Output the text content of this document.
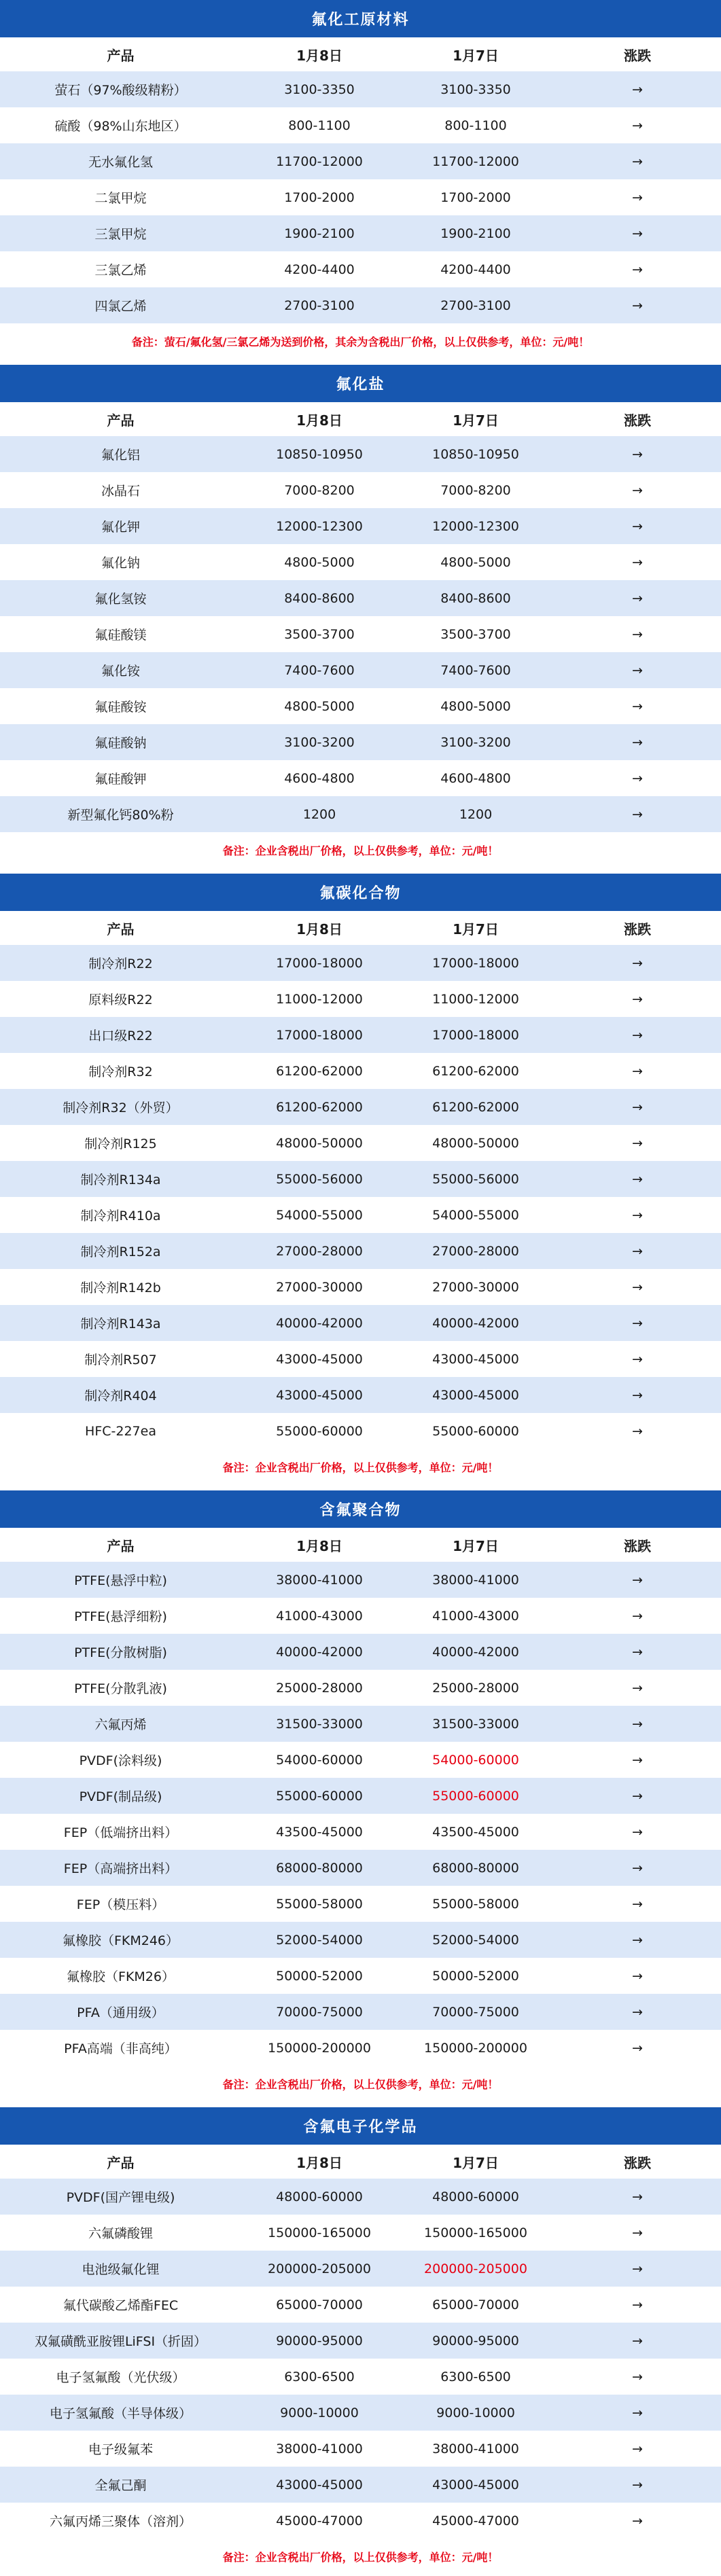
氟化工原材料
产品	1月8日	1月7日	涨跌
萤石（97%酸级精粉）	3100-3350	3100-3350	→
硫酸（98%山东地区）	800-1100	800-1100	→
无水氟化氢	11700-12000	11700-12000	→
二氯甲烷	1700-2000	1700-2000	→
三氯甲烷	1900-2100	1900-2100	→
三氯乙烯	4200-4400	4200-4400	→
四氯乙烯	2700-3100	2700-3100	→
备注：萤石/氟化氢/三氯乙烯为送到价格，其余为含税出厂价格，以上仅供参考，单位：元/吨！
氟化盐
产品	1月8日	1月7日	涨跌
氟化铝	10850-10950	10850-10950	→
冰晶石	7000-8200	7000-8200	→
氟化钾	12000-12300	12000-12300	→
氟化钠	4800-5000	4800-5000	→
氟化氢铵	8400-8600	8400-8600	→
氟硅酸镁	3500-3700	3500-3700	→
氟化铵	7400-7600	7400-7600	→
氟硅酸铵	4800-5000	4800-5000	→
氟硅酸钠	3100-3200	3100-3200	→
氟硅酸钾	4600-4800	4600-4800	→
新型氟化钙80%粉	1200	1200	→
备注：企业含税出厂价格，以上仅供参考，单位：元/吨！
氟碳化合物
产品	1月8日	1月7日	涨跌
制冷剂R22	17000-18000	17000-18000	→
原料级R22	11000-12000	11000-12000	→
出口级R22	17000-18000	17000-18000	→
制冷剂R32	61200-62000	61200-62000	→
制冷剂R32（外贸）	61200-62000	61200-62000	→
制冷剂R125	48000-50000	48000-50000	→
制冷剂R134a	55000-56000	55000-56000	→
制冷剂R410a	54000-55000	54000-55000	→
制冷剂R152a	27000-28000	27000-28000	→
制冷剂R142b	27000-30000	27000-30000	→
制冷剂R143a	40000-42000	40000-42000	→
制冷剂R507	43000-45000	43000-45000	→
制冷剂R404	43000-45000	43000-45000	→
HFC-227ea	55000-60000	55000-60000	→
备注：企业含税出厂价格，以上仅供参考，单位：元/吨！
含氟聚合物
产品	1月8日	1月7日	涨跌
PTFE(悬浮中粒)	38000-41000	38000-41000	→
PTFE(悬浮细粉)	41000-43000	41000-43000	→
PTFE(分散树脂)	40000-42000	40000-42000	→
PTFE(分散乳液)	25000-28000	25000-28000	→
六氟丙烯	31500-33000	31500-33000	→
PVDF(涂料级)	54000-60000	54000-60000	→
PVDF(制品级)	55000-60000	55000-60000	→
FEP（低端挤出料）	43500-45000	43500-45000	→
FEP（高端挤出料）	68000-80000	68000-80000	→
FEP（模压料）	55000-58000	55000-58000	→
氟橡胶（FKM246）	52000-54000	52000-54000	→
氟橡胶（FKM26）	50000-52000	50000-52000	→
PFA（通用级）	70000-75000	70000-75000	→
PFA高端（非高纯）	150000-200000	150000-200000	→
备注：企业含税出厂价格，以上仅供参考，单位：元/吨！
含氟电子化学品
产品	1月8日	1月7日	涨跌
PVDF(国产锂电级)	48000-60000	48000-60000	→
六氟磷酸锂	150000-165000	150000-165000	→
电池级氟化锂	200000-205000	200000-205000	→
氟代碳酸乙烯酯FEC	65000-70000	65000-70000	→
双氟磺酰亚胺锂LiFSI（折固）	90000-95000	90000-95000	→
电子氢氟酸（光伏级）	6300-6500	6300-6500	→
电子氢氟酸（半导体级）	9000-10000	9000-10000	→
电子级氟苯	38000-41000	38000-41000	→
全氟己酮	43000-45000	43000-45000	→
六氟丙烯三聚体（溶剂）	45000-47000	45000-47000	→
备注：企业含税出厂价格，以上仅供参考，单位：元/吨！
